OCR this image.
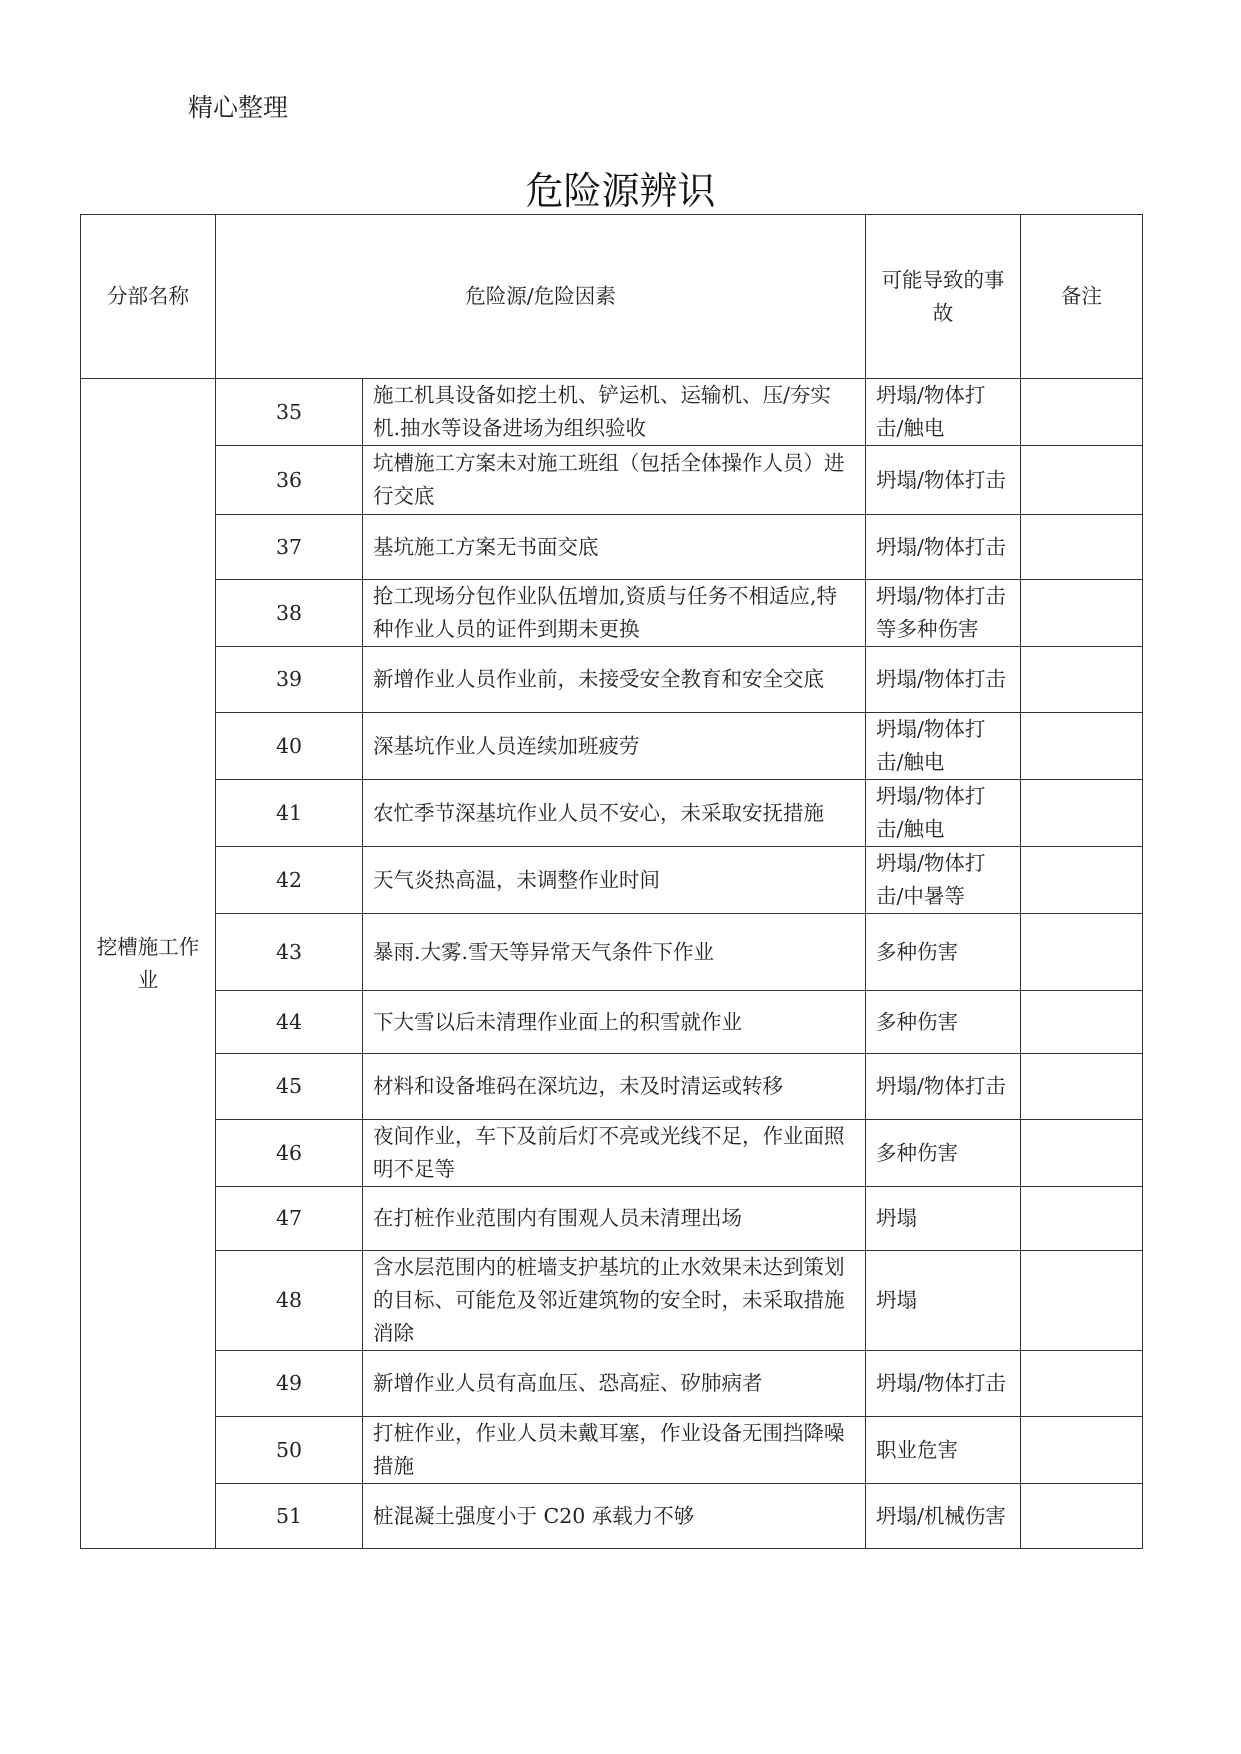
精心整理
危险源辨识
分部名称	危险源/危险因素		可能导致的事故	备注
挖槽施工作业	35	施工机具设备如挖土机、铲运机、运输机、压/夯实机.抽水等设备进场为组织验收	坍塌/物体打击/触电	
	36	坑槽施工方案未对施工班组（包括全体操作人员）进行交底	坍塌/物体打击	
	37	基坑施工方案无书面交底	坍塌/物体打击	
	38	抢工现场分包作业队伍增加,资质与任务不相适应,特种作业人员的证件到期未更换	坍塌/物体打击等多种伤害	
	39	新增作业人员作业前，未接受安全教育和安全交底	坍塌/物体打击	
	40	深基坑作业人员连续加班疲劳	坍塌/物体打击/触电	
	41	农忙季节深基坑作业人员不安心，未采取安抚措施	坍塌/物体打击/触电	
	42	天气炎热高温，未调整作业时间	坍塌/物体打击/中暑等	
	43	暴雨.大雾.雪天等异常天气条件下作业	多种伤害	
	44	下大雪以后未清理作业面上的积雪就作业	多种伤害	
	45	材料和设备堆码在深坑边，未及时清运或转移	坍塌/物体打击	
	46	夜间作业，车下及前后灯不亮或光线不足，作业面照明不足等	多种伤害	
	47	在打桩作业范围内有围观人员未清理出场	坍塌	
	48	含水层范围内的桩墙支护基坑的止水效果未达到策划的目标、可能危及邻近建筑物的安全时，未采取措施消除	坍塌	
	49	新增作业人员有高血压、恐高症、矽肺病者	坍塌/物体打击	
	50	打桩作业，作业人员未戴耳塞，作业设备无围挡降噪措施	职业危害	
	51	桩混凝土强度小于 C20 承载力不够	坍塌/机械伤害	
